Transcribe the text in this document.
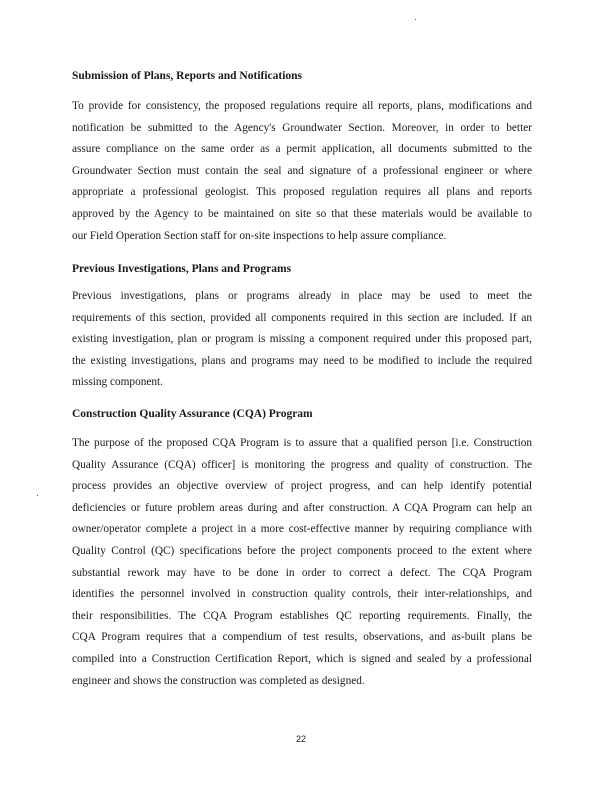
Submission of Plans, Reports and Notifications

To provide for consistency, the proposed regulations require all reports, plans, modifications and
notification be submitted to the Agency's Groundwater Section. Moreover, in order to better
assure compliance on the same order as a permit application, all documents submitted to the
Groundwater Section must contain the seal and signature of a professional engineer or where
appropriate a professional geologist. This proposed regulation requires all plans and reports
approved by the Agency to be maintained on site so that these materials would be available to
our Field Operation Section staff for on-site inspections to help assure compliance.

Previous Investigations, Plans and Programs

Previous investigations, plans or programs already in place may be used to meet the
requirements of this section, provided all components required in this section are included. If an
existing investigation, plan or program is missing a component required under this proposed part,
the existing investigations, plans and programs may need to be modified to include the required
missing component.

Construction Quality Assurance (CQA) Program

The purpose of the proposed CQA Program is to assure that a qualified person [i.e. Construction
Quality Assurance (CQA) officer] is monitoring the progress and quality of construction. The
process provides an objective overview of project progress, and can help identify potential
deficiencies or future problem areas during and after construction. A CQA Program can help an
owner/operator complete a project in a more cost-effective manner by requiring compliance with
Quality Control (QC) specifications before the project components proceed to the extent where
substantial rework may have to be done in order to correct a defect. The CQA Program
identifies the personnel involved in construction quality controls, their inter-relationships, and
their responsibilities. The CQA Program establishes QC reporting requirements. Finally, the
CQA Program requires that a compendium of test results, observations, and as-built plans be
compiled into a Construction Certification Report, which is signed and sealed by a professional
engineer and shows the construction was completed as designed.

22
